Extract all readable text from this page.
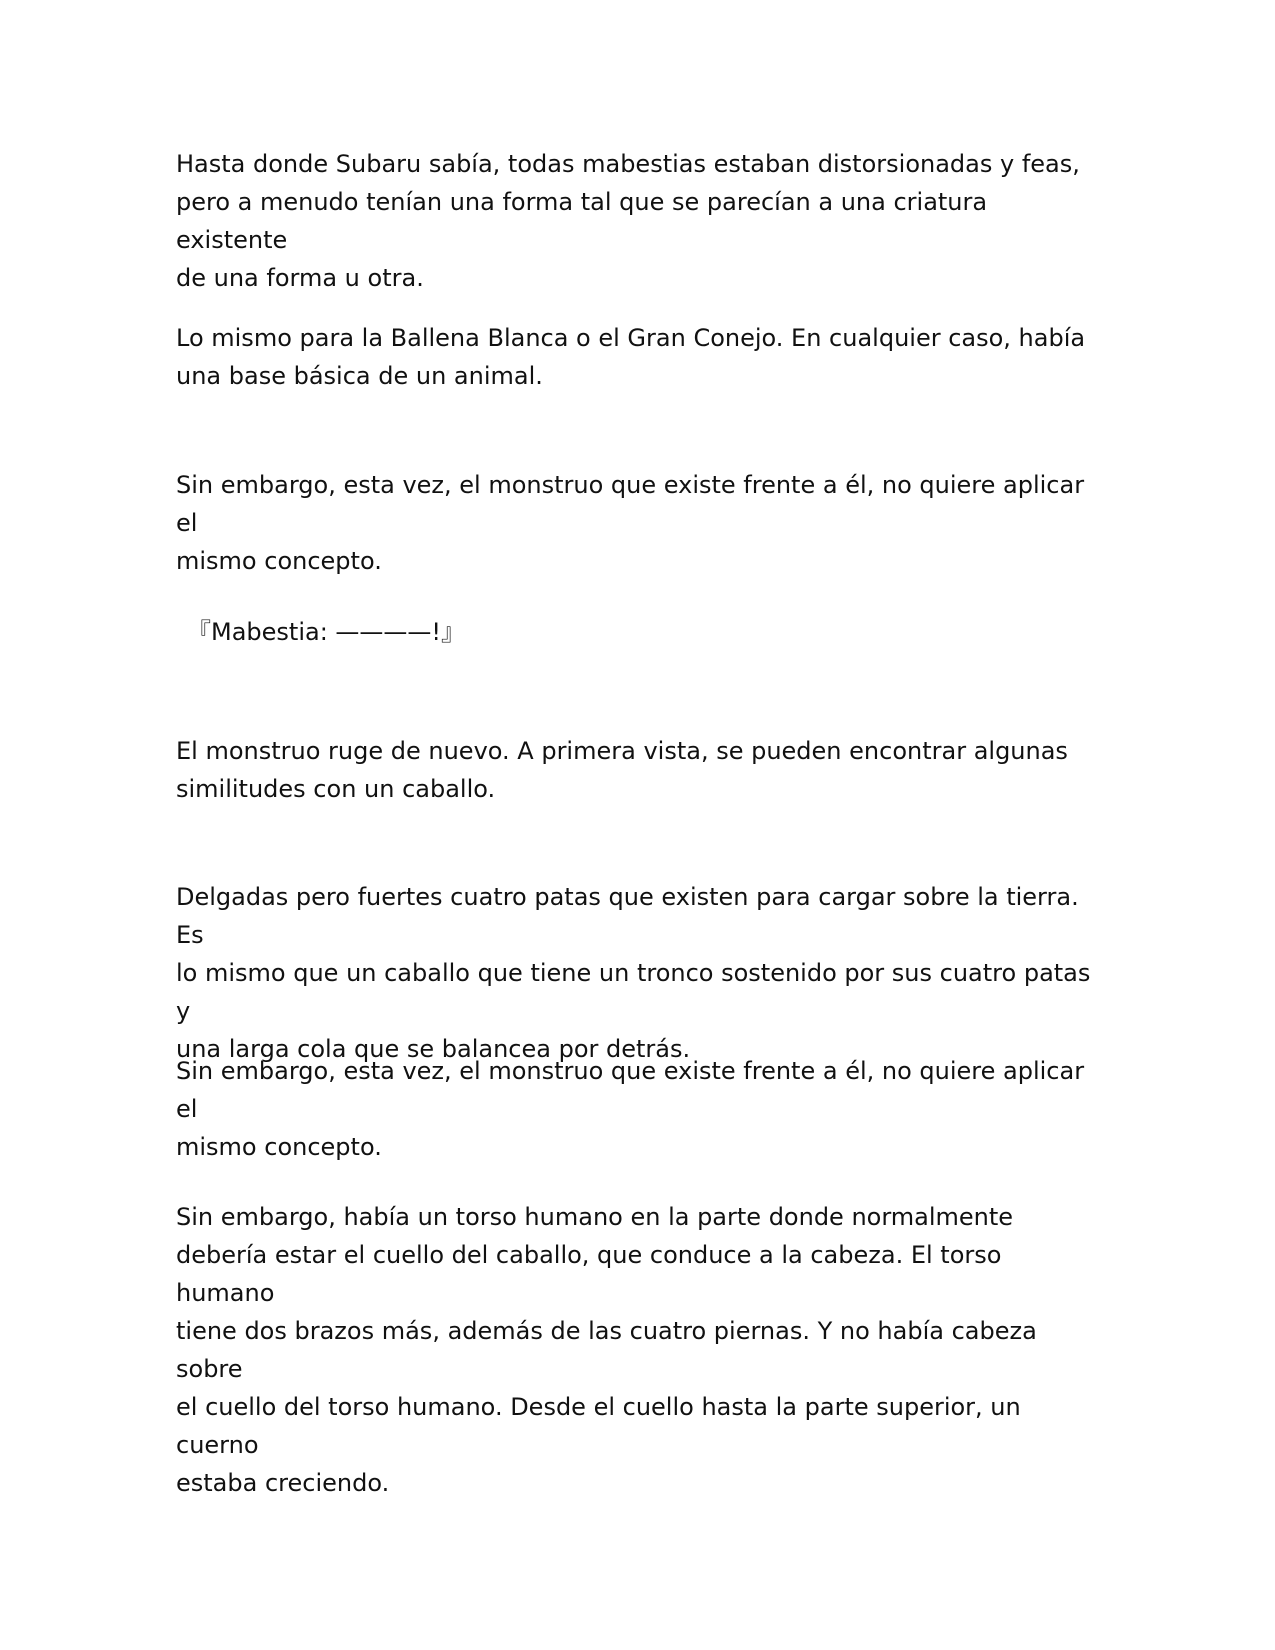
Hasta donde Subaru sabía, todas mabestias estaban distorsionadas y feas,
pero a menudo tenían una forma tal que se parecían a una criatura existente
de una forma u otra.

Lo mismo para la Ballena Blanca o el Gran Conejo. En cualquier caso, había
una base básica de un animal.

Sin embargo, esta vez, el monstruo que existe frente a él, no quiere aplicar el
mismo concepto.

『Mabestia: ————!』

El monstruo ruge de nuevo. A primera vista, se pueden encontrar algunas
similitudes con un caballo.

Delgadas pero fuertes cuatro patas que existen para cargar sobre la tierra. Es
lo mismo que un caballo que tiene un tronco sostenido por sus cuatro patas y
una larga cola que se balancea por detrás.

Sin embargo, esta vez, el monstruo que existe frente a él, no quiere aplicar el
mismo concepto.

Sin embargo, había un torso humano en la parte donde normalmente
debería estar el cuello del caballo, que conduce a la cabeza. El torso humano
tiene dos brazos más, además de las cuatro piernas. Y no había cabeza sobre
el cuello del torso humano. Desde el cuello hasta la parte superior, un cuerno
estaba creciendo.
